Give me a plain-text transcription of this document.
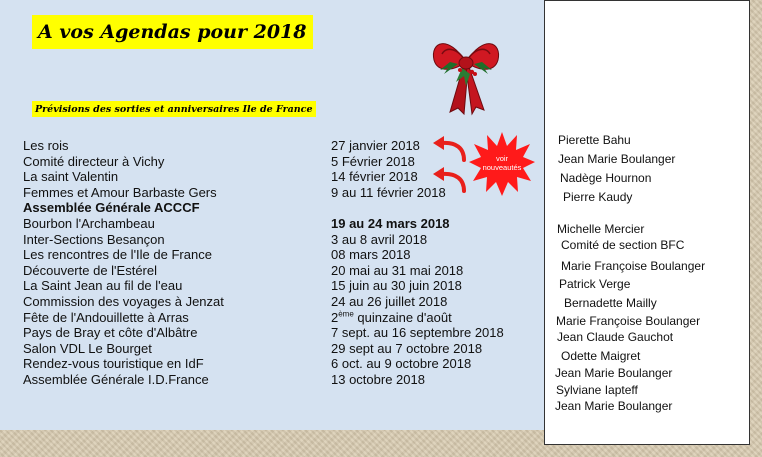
A vos Agendas pour 2018
Prévisions des sorties et anniversaires Ile de France
Les rois	27 janvier 2018
Comité directeur à Vichy	5 Février 2018
La saint Valentin	14 février 2018
Femmes et Amour Barbaste Gers	9 au 11 février 2018
Assemblée Générale ACCCF
Bourbon l'Archambeau	19 au 24 mars 2018
Inter-Sections Besançon	3 au 8 avril 2018
Les rencontres de l'Ile de France	08 mars 2018
Découverte de l'Estérel	20 mai au 31 mai 2018
La Saint Jean au fil de l'eau	15 juin au 30 juin 2018
Commission des voyages à Jenzat	24 au 26 juillet 2018
Fête de l'Andouillette à Arras	2ème quinzaine d'août
Pays de Bray et côte d'Albâtre	7 sept. au 16 septembre 2018
Salon VDL Le Bourget	29 sept au 7 octobre 2018
Rendez-vous touristique en IdF	6 oct. au 9 octobre 2018
Assemblée Générale I.D.France	13 octobre 2018
voir
nouveautés
Pierette Bahu
Jean Marie Boulanger
Nadège Hournon
Pierre Kaudy
Michelle Mercier
Comité de section BFC
Marie Françoise Boulanger
Patrick Verge
Bernadette Mailly
Marie Françoise Boulanger
Jean Claude Gauchot
Odette Maigret
Jean Marie Boulanger
Sylviane Iapteff
Jean Marie Boulanger
